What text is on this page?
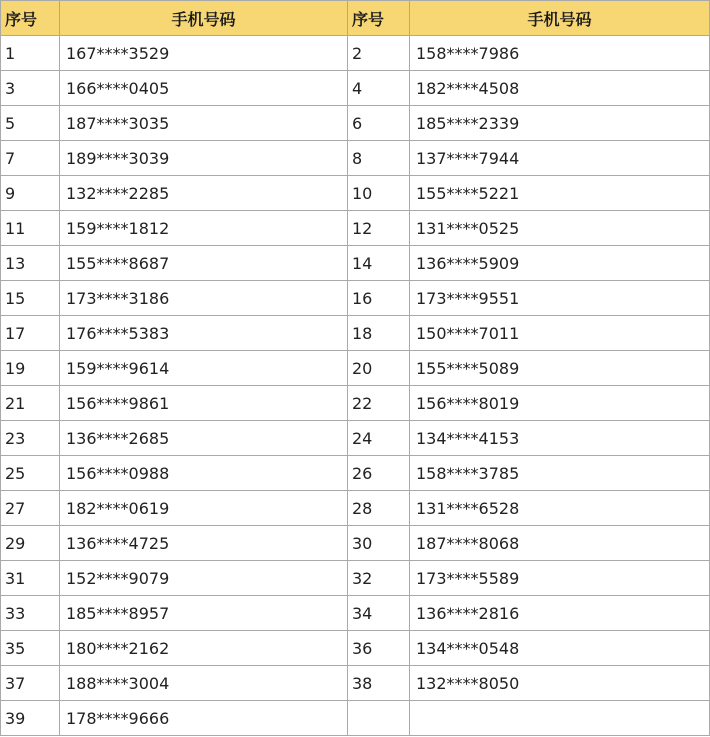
序号	手机号码	序号	手机号码
1	167****3529	2	158****7986
3	166****0405	4	182****4508
5	187****3035	6	185****2339
7	189****3039	8	137****7944
9	132****2285	10	155****5221
11	159****1812	12	131****0525
13	155****8687	14	136****5909
15	173****3186	16	173****9551
17	176****5383	18	150****7011
19	159****9614	20	155****5089
21	156****9861	22	156****8019
23	136****2685	24	134****4153
25	156****0988	26	158****3785
27	182****0619	28	131****6528
29	136****4725	30	187****8068
31	152****9079	32	173****5589
33	185****8957	34	136****2816
35	180****2162	36	134****0548
37	188****3004	38	132****8050
39	178****9666		
